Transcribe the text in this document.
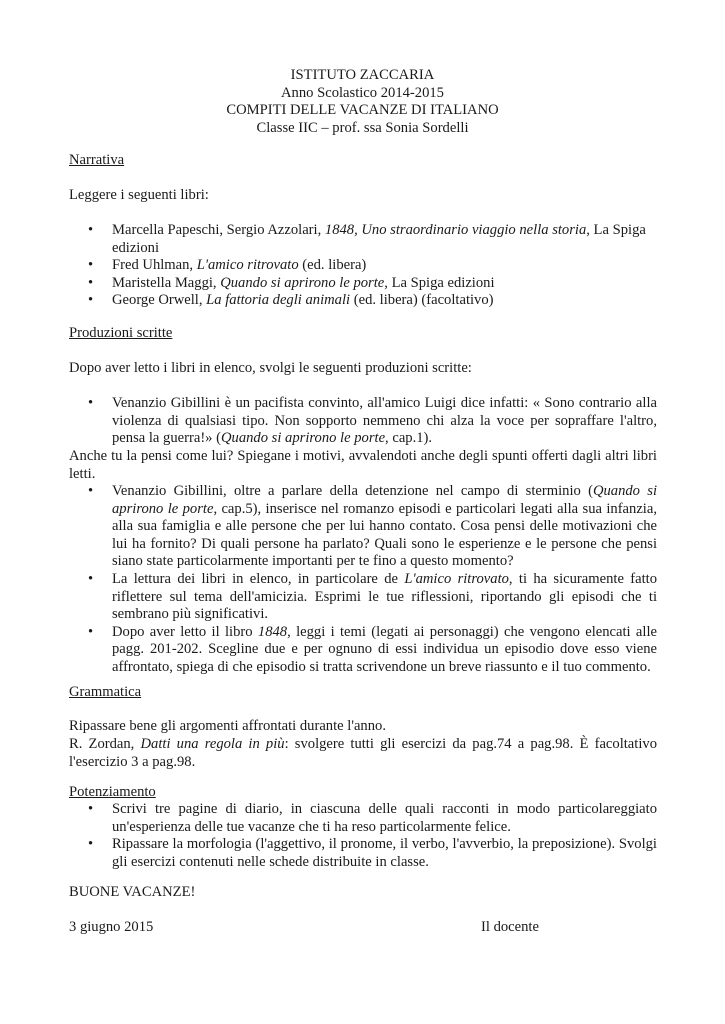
ISTITUTO ZACCARIA
Anno Scolastico 2014-2015
COMPITI DELLE VACANZE DI ITALIANO
Classe IIC – prof. ssa Sonia Sordelli
Narrativa
Leggere i seguenti libri:
• Marcella Papeschi, Sergio Azzolari, 1848, Uno straordinario viaggio nella storia, La Spiga
edizioni
• Fred Uhlman, L'amico ritrovato (ed. libera)
• Maristella Maggi, Quando si aprirono le porte, La Spiga edizioni
• George Orwell, La fattoria degli animali (ed. libera) (facoltativo)
Produzioni scritte
Dopo aver letto i libri in elenco, svolgi le seguenti produzioni scritte:
• Venanzio Gibillini è un pacifista convinto, all'amico Luigi dice infatti: « Sono contrario alla violenza di qualsiasi tipo. Non sopporto nemmeno chi alza la voce per sopraffare l'altro, pensa la guerra!» (Quando si aprirono le porte, cap.1).
Anche tu la pensi come lui? Spiegane i motivi, avvalendoti anche degli spunti offerti dagli altri libri letti.
• Venanzio Gibillini, oltre a parlare della detenzione nel campo di sterminio (Quando si aprirono le porte, cap.5), inserisce nel romanzo episodi e particolari legati alla sua infanzia, alla sua famiglia e alle persone che per lui hanno contato. Cosa pensi delle motivazioni che lui ha fornito? Di quali persone ha parlato? Quali sono le esperienze e le persone che pensi siano state particolarmente importanti per te fino a questo momento?
• La lettura dei libri in elenco, in particolare de L'amico ritrovato, ti ha sicuramente fatto riflettere sul tema dell'amicizia. Esprimi le tue riflessioni, riportando gli episodi che ti sembrano più significativi.
• Dopo aver letto il libro 1848, leggi i temi (legati ai personaggi) che vengono elencati alle pagg. 201-202. Scegline due e per ognuno di essi individua un episodio dove esso viene affrontato, spiega di che episodio si tratta scrivendone un breve riassunto e il tuo commento.
Grammatica
Ripassare bene gli argomenti affrontati durante l'anno.
R. Zordan, Datti una regola in più: svolgere tutti gli esercizi da pag.74 a pag.98. È facoltativo l'esercizio 3 a pag.98.
Potenziamento
• Scrivi tre pagine di diario, in ciascuna delle quali racconti in modo particolareggiato un'esperienza delle tue vacanze che ti ha reso particolarmente felice.
• Ripassare la morfologia (l'aggettivo, il pronome, il verbo, l'avverbio, la preposizione). Svolgi gli esercizi contenuti nelle schede distribuite in classe.
BUONE VACANZE!
3 giugno 2015	Il docente
